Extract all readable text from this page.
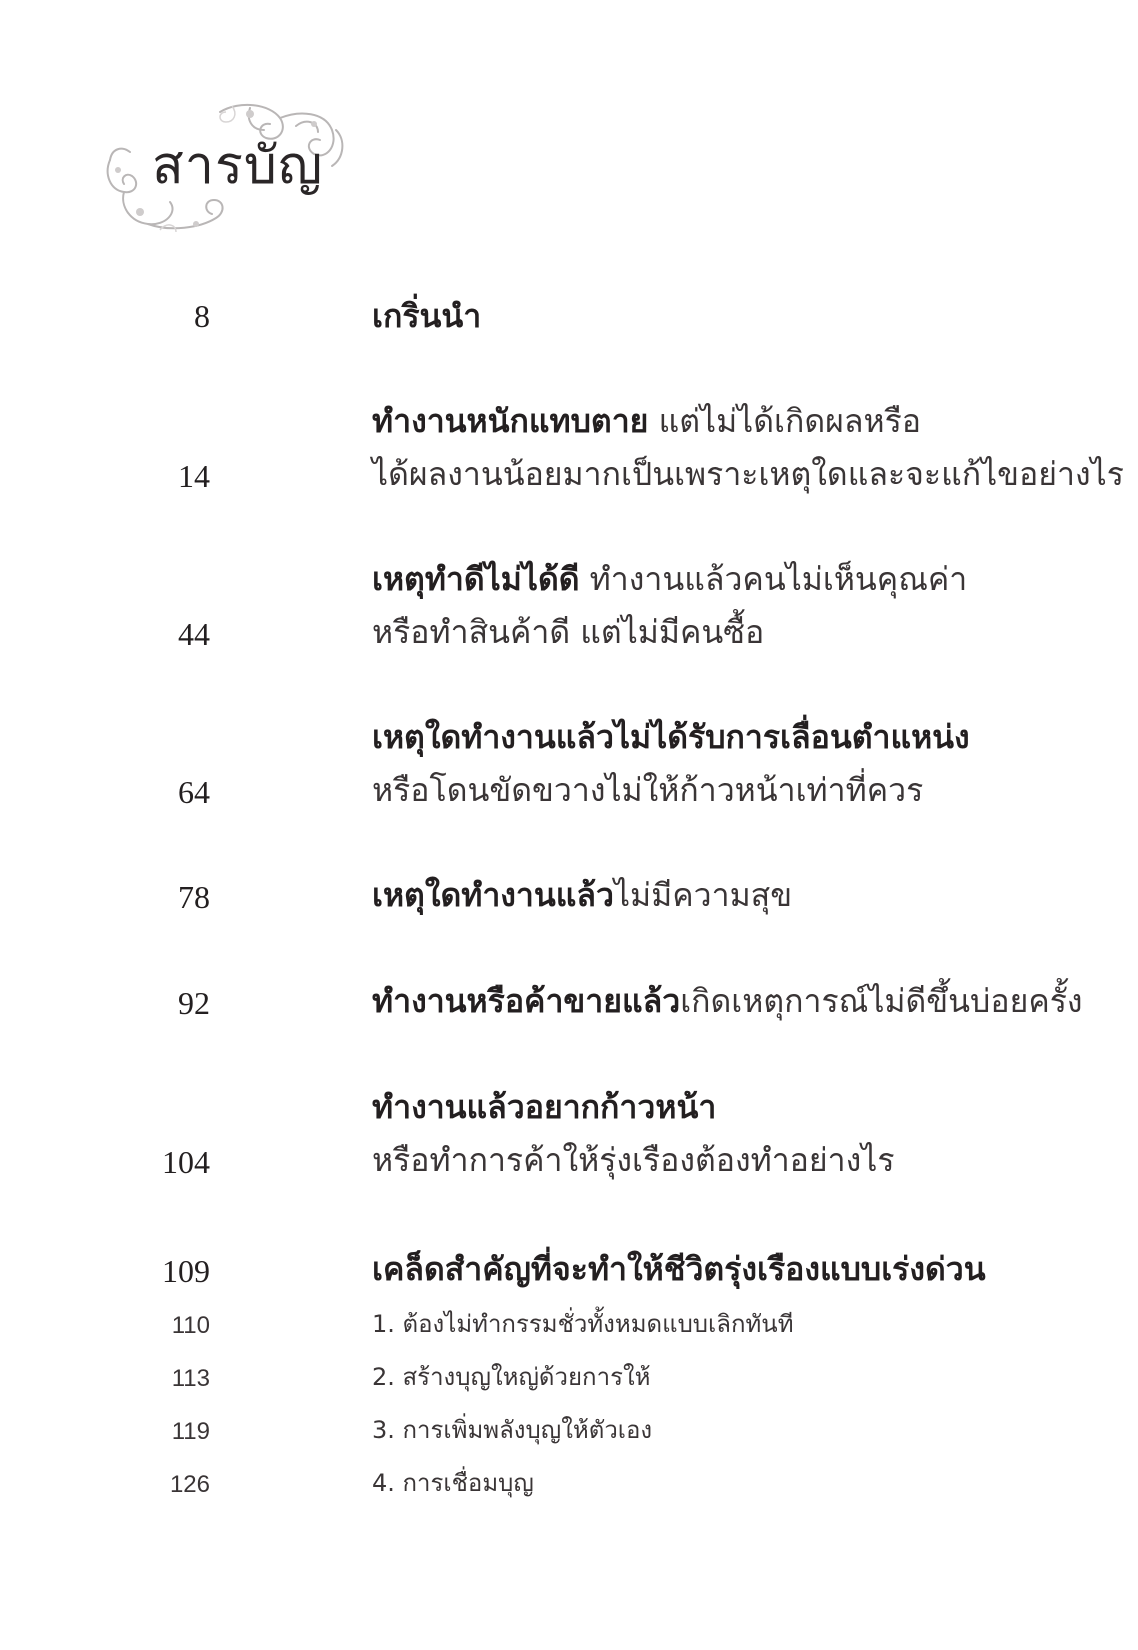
สารบัญ
8	เกริ่นนำ
ทำงานหนักแทบตาย แต่ไม่ได้เกิดผลหรือ
14	ได้ผลงานน้อยมากเป็นเพราะเหตุใดและจะแก้ไขอย่างไร
เหตุทำดีไม่ได้ดี ทำงานแล้วคนไม่เห็นคุณค่า
44	หรือทำสินค้าดี แต่ไม่มีคนซื้อ
เหตุใดทำงานแล้วไม่ได้รับการเลื่อนตำแหน่ง
64	หรือโดนขัดขวางไม่ให้ก้าวหน้าเท่าที่ควร
78	เหตุใดทำงานแล้วไม่มีความสุข
92	ทำงานหรือค้าขายแล้วเกิดเหตุการณ์ไม่ดีขึ้นบ่อยครั้ง
ทำงานแล้วอยากก้าวหน้า
104	หรือทำการค้าให้รุ่งเรืองต้องทำอย่างไร
109	เคล็ดสำคัญที่จะทำให้ชีวิตรุ่งเรืองแบบเร่งด่วน
110	1. ต้องไม่ทำกรรมชั่วทั้งหมดแบบเลิกทันที
113	2. สร้างบุญใหญ่ด้วยการให้
119	3. การเพิ่มพลังบุญให้ตัวเอง
126	4. การเชื่อมบุญ
